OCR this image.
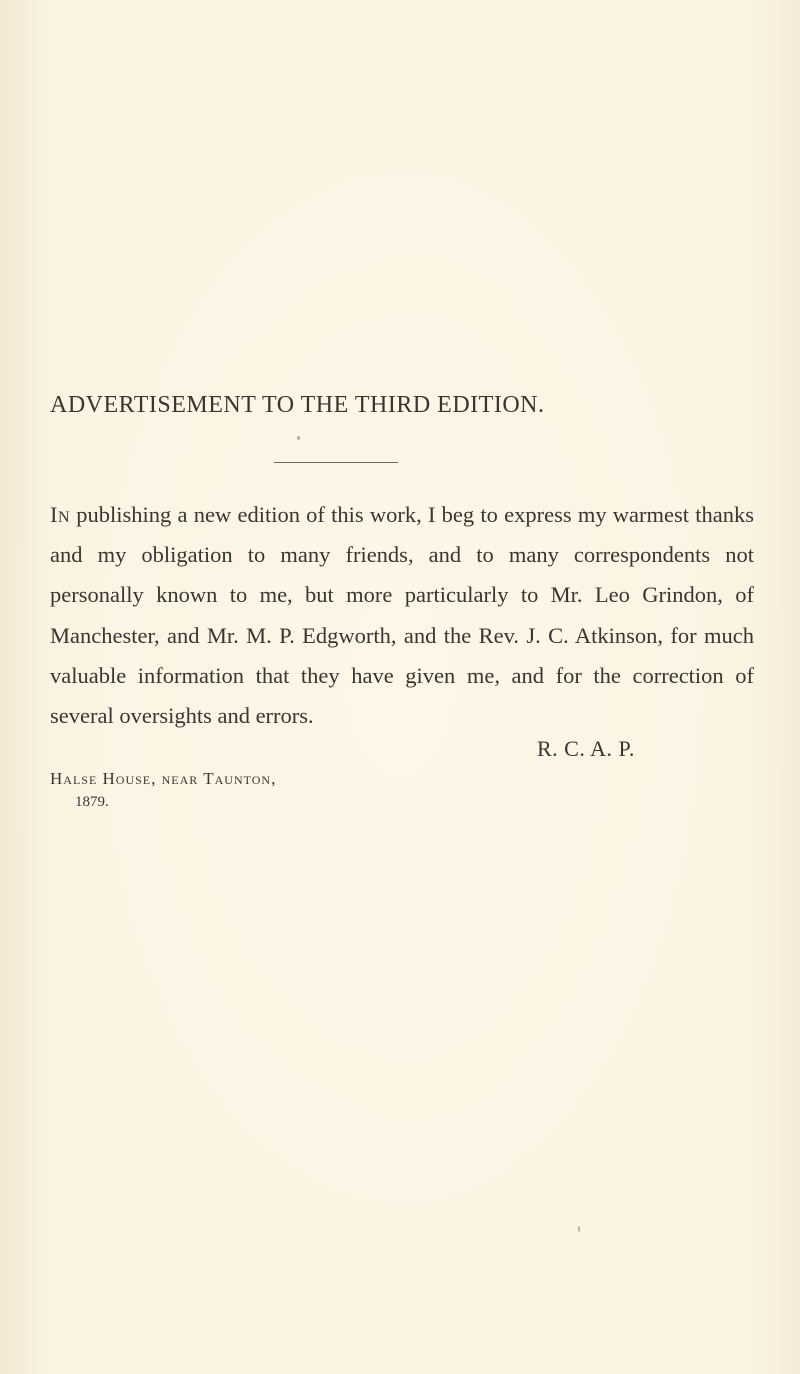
ADVERTISEMENT TO THE THIRD EDITION.

In publishing a new edition of this work, I beg to express my warmest thanks and my obligation to many friends, and to many correspondents not personally known to me, but more particularly to Mr. Leo Grindon, of Manchester, and Mr. M. P. Edgworth, and the Rev. J. C. Atkinson, for much valuable information that they have given me, and for the correction of several oversights and errors.

R. C. A. P.

Halse House, near Taunton,

1879.
